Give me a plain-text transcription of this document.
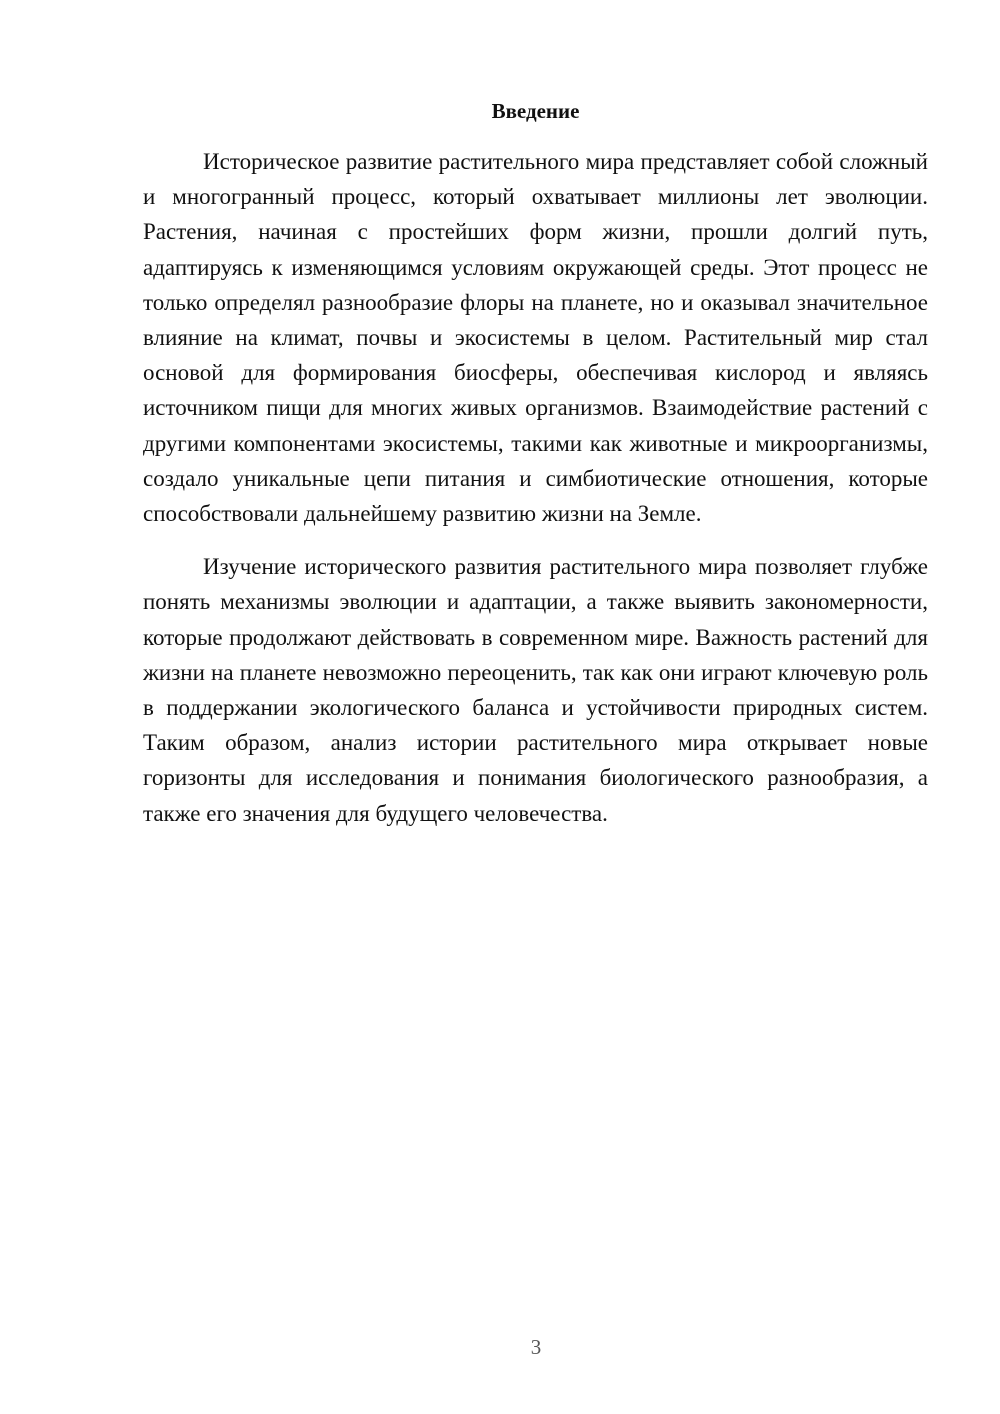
Введение

Историческое развитие растительного мира представляет собой сложный и многогранный процесс, который охватывает миллионы лет эволюции. Растения, начиная с простейших форм жизни, прошли долгий путь, адаптируясь к изменяющимся условиям окружающей среды. Этот процесс не только определял разнообразие флоры на планете, но и оказывал значительное влияние на климат, почвы и экосистемы в целом. Растительный мир стал основой для формирования биосферы, обеспечивая кислород и являясь источником пищи для многих живых организмов. Взаимодействие растений с другими компонентами экосистемы, такими как животные и микроорганизмы, создало уникальные цепи питания и симбиотические отношения, которые способствовали дальнейшему развитию жизни на Земле.

Изучение исторического развития растительного мира позволяет глубже понять механизмы эволюции и адаптации, а также выявить закономерности, которые продолжают действовать в современном мире. Важность растений для жизни на планете невозможно переоценить, так как они играют ключевую роль в поддержании экологического баланса и устойчивости природных систем. Таким образом, анализ истории растительного мира открывает новые горизонты для исследования и понимания биологического разнообразия, а также его значения для будущего человечества.

3
